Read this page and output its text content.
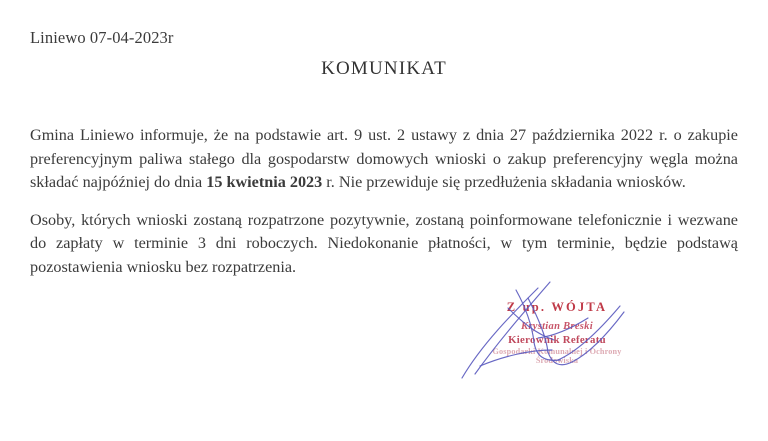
Liniewo 07-04-2023r
KOMUNIKAT

Gmina Liniewo informuje, że na podstawie art. 9 ust. 2 ustawy z dnia 27 października 2022 r. o zakupie preferencyjnym paliwa stałego dla gospodarstw domowych wnioski o zakup preferencyjny węgla można składać najpóźniej do dnia 15 kwietnia 2023 r. Nie przewiduje się przedłużenia składania wniosków.

Osoby, których wnioski zostaną rozpatrzone pozytywnie, zostaną poinformowane telefonicznie i wezwane do zapłaty w terminie 3 dni roboczych. Niedokonanie płatności, w tym terminie, będzie podstawą pozostawienia wniosku bez rozpatrzenia.

Z up. WÓJTA
Krystian Breski
Kierownik Referatu
Gospodarki Komunalnej i Ochrony Środowiska
